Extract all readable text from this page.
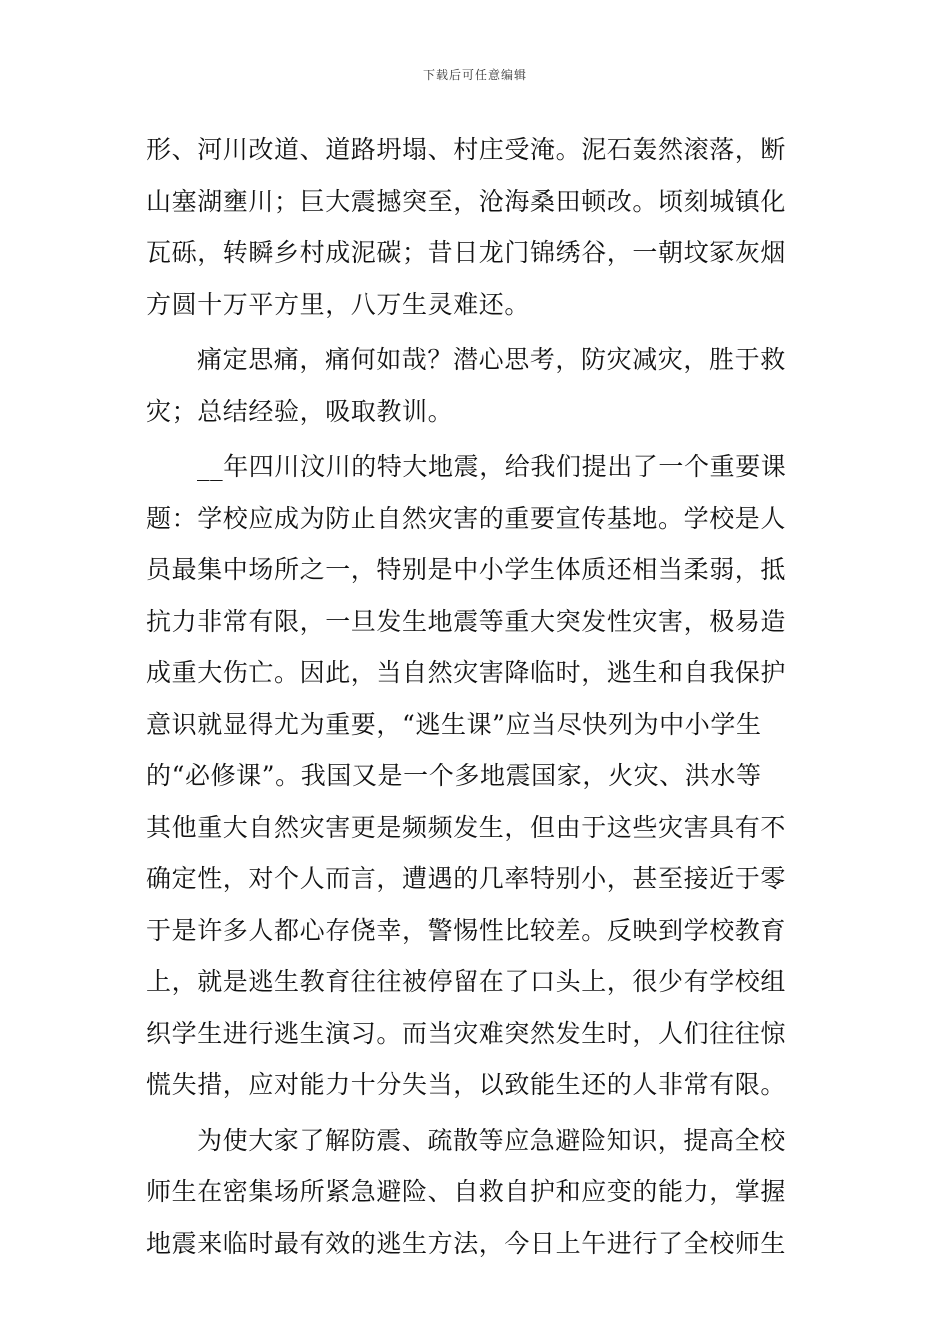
下载后可任意编辑
形、河川改道、道路坍塌、村庄受淹。泥石轰然滚落，断
山塞湖壅川；巨大震撼突至，沧海桑田顿改。顷刻城镇化
瓦砾，转瞬乡村成泥碳；昔日龙门锦绣谷，一朝坟冢灰烟
方圆十万平方里，八万生灵难还。
痛定思痛，痛何如哉？潜心思考，防灾减灾，胜于救
灾；总结经验，吸取教训。
__年四川汶川的特大地震，给我们提出了一个重要课
题：学校应成为防止自然灾害的重要宣传基地。学校是人
员最集中场所之一，特别是中小学生体质还相当柔弱，抵
抗力非常有限，一旦发生地震等重大突发性灾害，极易造
成重大伤亡。因此，当自然灾害降临时，逃生和自我保护
意识就显得尤为重要，“逃生课”应当尽快列为中小学生
的“必修课”。我国又是一个多地震国家，火灾、洪水等
其他重大自然灾害更是频频发生，但由于这些灾害具有不
确定性，对个人而言，遭遇的几率特别小，甚至接近于零
于是许多人都心存侥幸，警惕性比较差。反映到学校教育
上，就是逃生教育往往被停留在了口头上，很少有学校组
织学生进行逃生演习。而当灾难突然发生时，人们往往惊
慌失措，应对能力十分失当，以致能生还的人非常有限。
为使大家了解防震、疏散等应急避险知识，提高全校
师生在密集场所紧急避险、自救自护和应变的能力，掌握
地震来临时最有效的逃生方法，今日上午进行了全校师生
